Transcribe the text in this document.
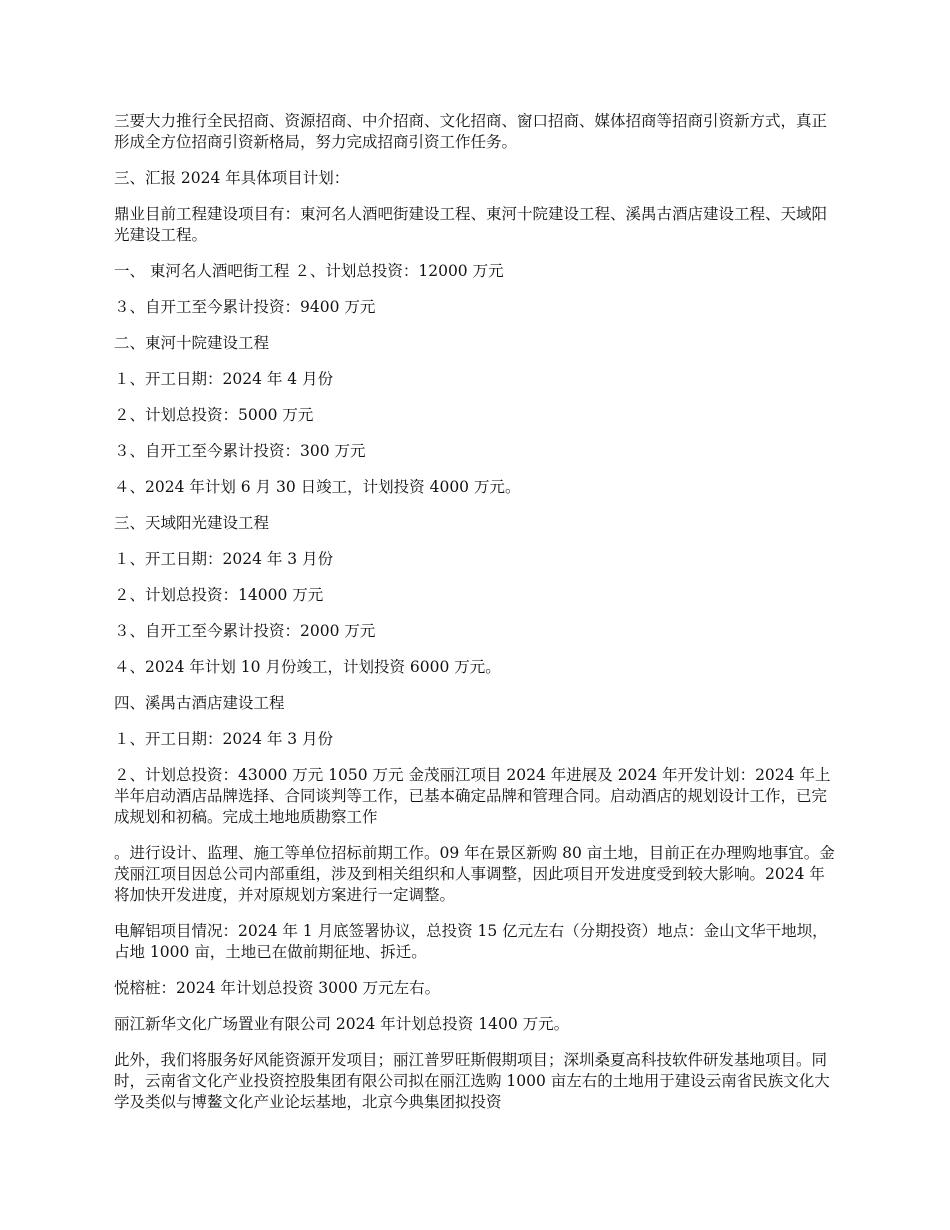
三要大力推行全民招商、资源招商、中介招商、文化招商、窗口招商、媒体招商等招商引资新方式，真正形成全方位招商引资新格局，努力完成招商引资工作任务。

三、汇报 2024 年具体项目计划：

鼎业目前工程建设项目有：東河名人酒吧街建设工程、東河十院建设工程、溪禺古酒店建设工程、天域阳光建设工程。

一、 東河名人酒吧街工程 ２、计划总投资：12000 万元

３、自开工至今累计投资：9400 万元

二、東河十院建设工程

１、开工日期：2024 年 4 月份

２、计划总投资：5000 万元

３、自开工至今累计投资：300 万元

４、2024 年计划 6 月 30 日竣工，计划投资 4000 万元。

三、天域阳光建设工程

１、开工日期：2024 年 3 月份

２、计划总投资：14000 万元

３、自开工至今累计投资：2000 万元

４、2024 年计划 10 月份竣工，计划投资 6000 万元。

四、溪禺古酒店建设工程

１、开工日期：2024 年 3 月份

２、计划总投资：43000 万元 1050 万元 金茂丽江项目 2024 年进展及 2024 年开发计划：2024 年上半年启动酒店品牌选择、合同谈判等工作，已基本确定品牌和管理合同。启动酒店的规划设计工作，已完成规划和初稿。完成土地地质勘察工作

。进行设计、监理、施工等单位招标前期工作。09 年在景区新购 80 亩土地，目前正在办理购地事宜。金茂丽江项目因总公司内部重组，涉及到相关组织和人事调整，因此项目开发进度受到较大影响。2024 年将加快开发进度，并对原规划方案进行一定调整。

电解铝项目情况：2024 年 1 月底签署协议，总投资 15 亿元左右（分期投资）地点：金山文华干地坝，占地 1000 亩，土地已在做前期征地、拆迁。

悦榕桩：2024 年计划总投资 3000 万元左右。

丽江新华文化广场置业有限公司 2024 年计划总投资 1400 万元。

此外，我们将服务好风能资源开发项目；丽江普罗旺斯假期项目；深圳桑夏高科技软件研发基地项目。同时，云南省文化产业投资控股集团有限公司拟在丽江选购 1000 亩左右的土地用于建设云南省民族文化大学及类似与博鳌文化产业论坛基地，北京今典集团拟投资
